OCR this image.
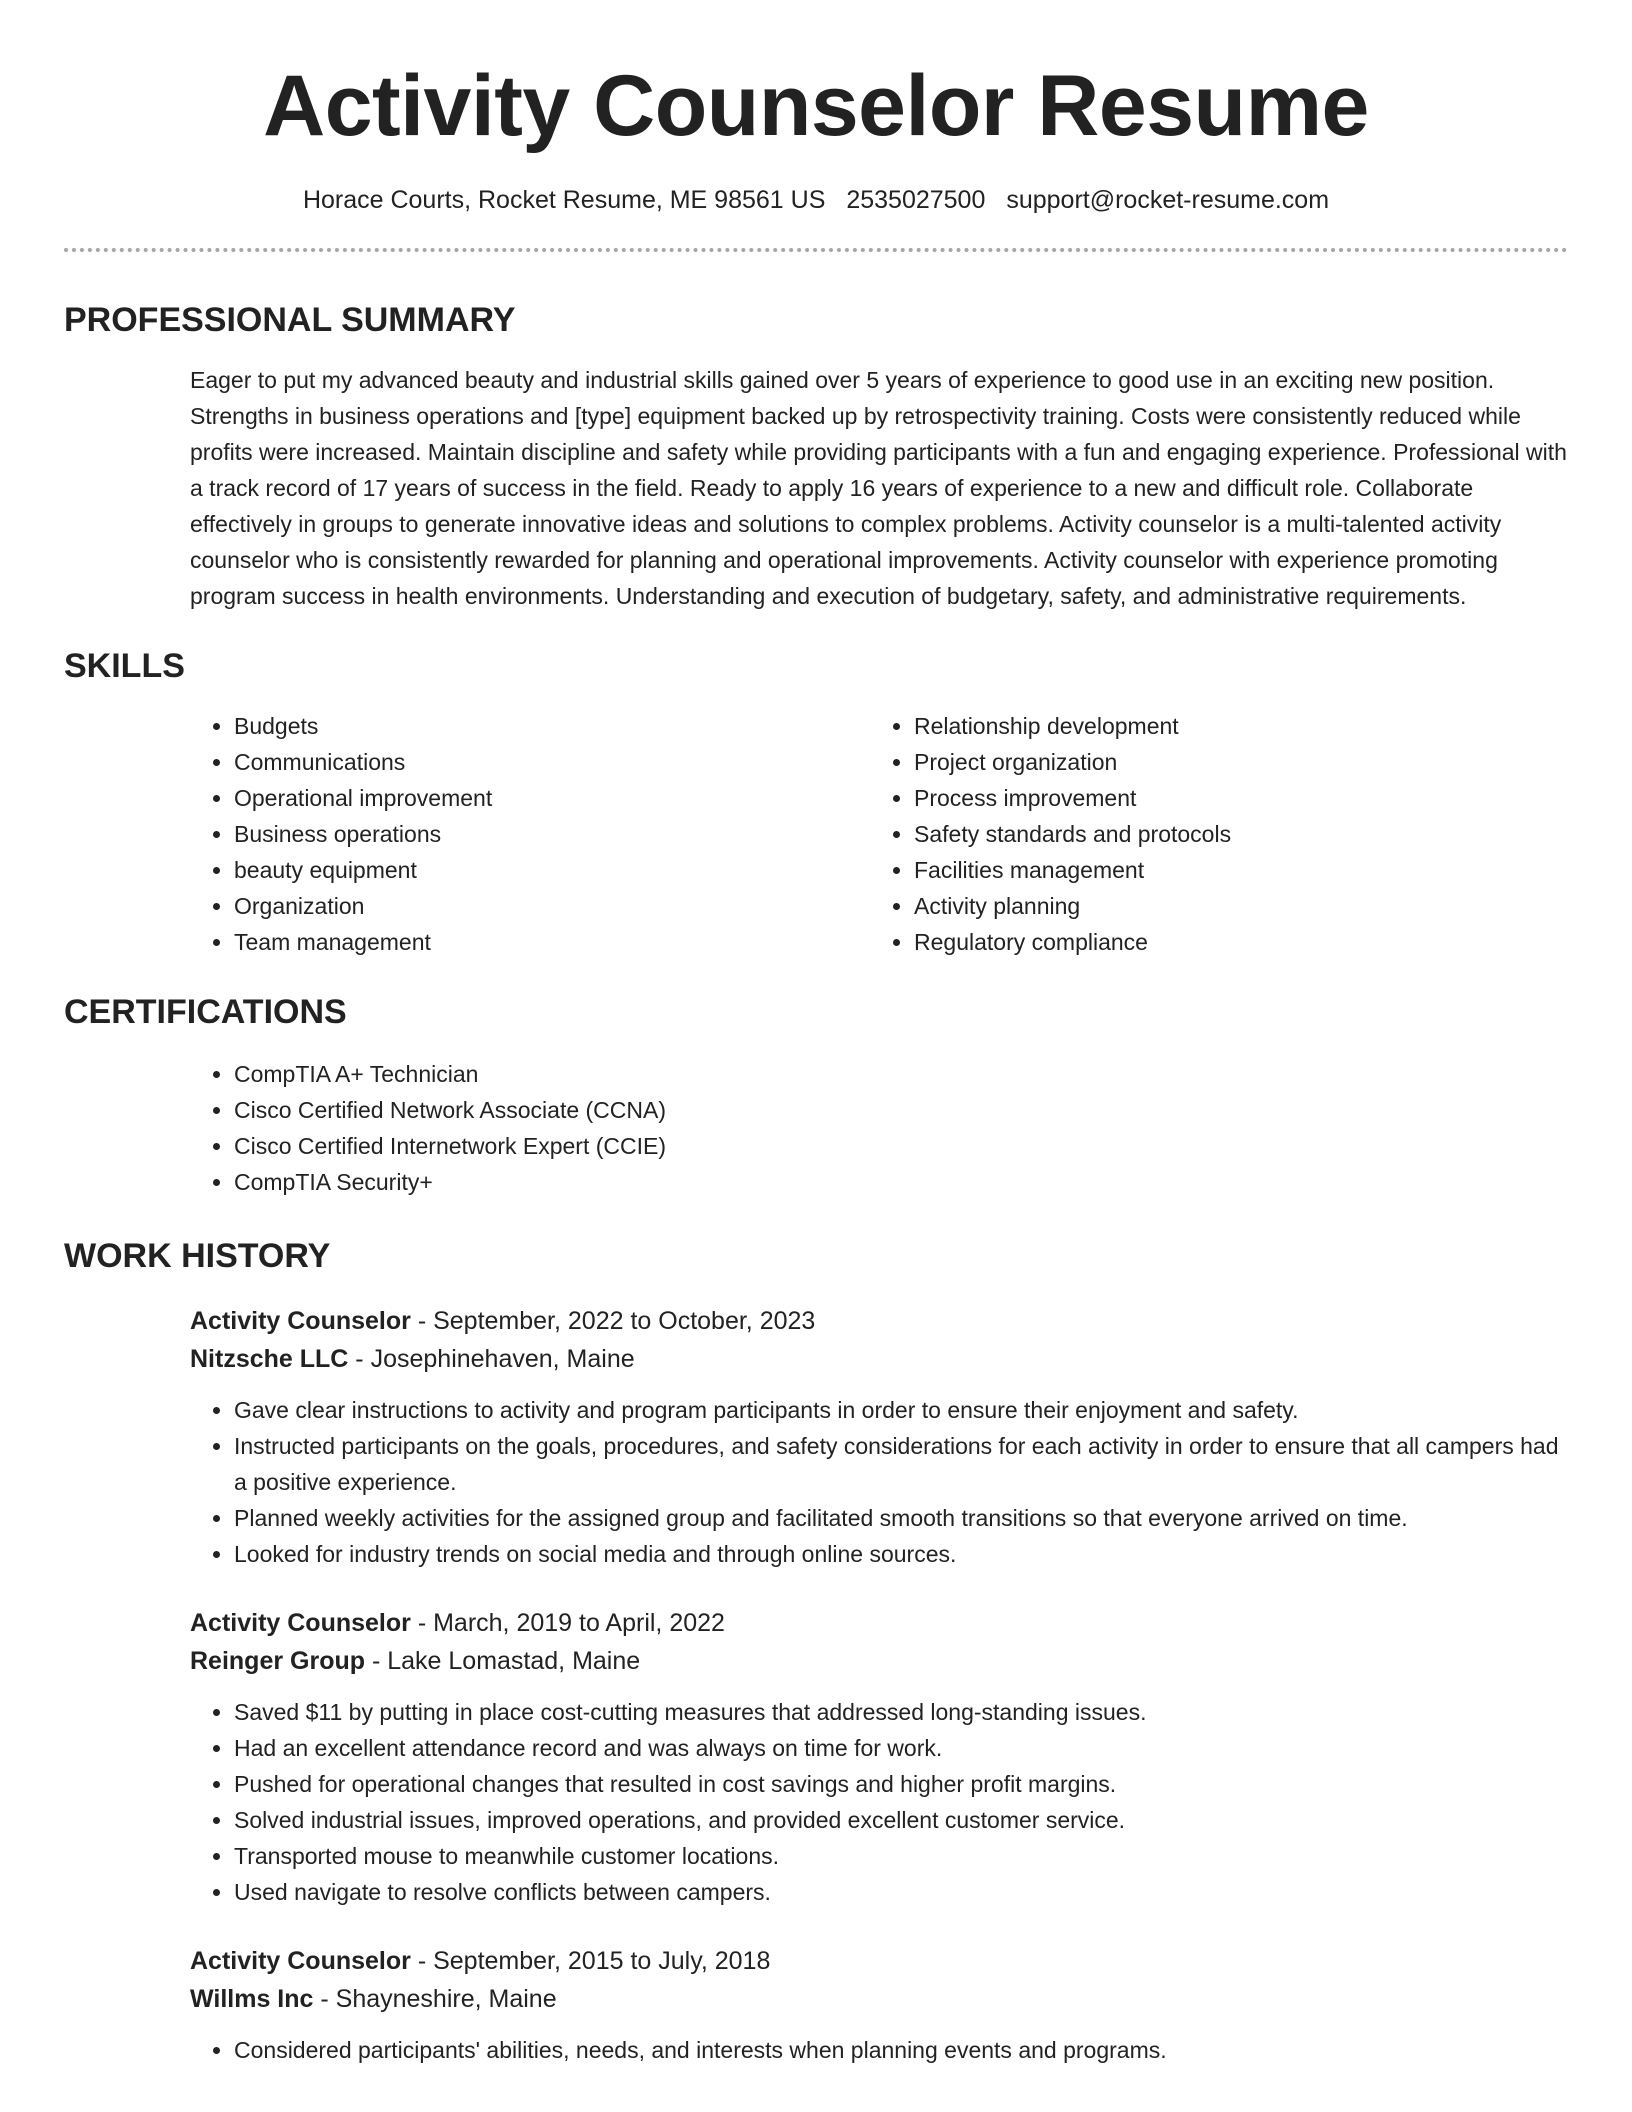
Activity Counselor Resume
Horace Courts, Rocket Resume, ME 98561 US 2535027500 support@rocket-resume.com
PROFESSIONAL SUMMARY

Eager to put my advanced beauty and industrial skills gained over 5 years of experience to good use in an exciting new position. Strengths in business operations and [type] equipment backed up by retrospectivity training. Costs were consistently reduced while profits were increased. Maintain discipline and safety while providing participants with a fun and engaging experience. Professional with a track record of 17 years of success in the field. Ready to apply 16 years of experience to a new and difficult role. Collaborate effectively in groups to generate innovative ideas and solutions to complex problems. Activity counselor is a multi-talented activity counselor who is consistently rewarded for planning and operational improvements. Activity counselor with experience promoting program success in health environments. Understanding and execution of budgetary, safety, and administrative requirements.

SKILLS
• Budgets
• Communications
• Operational improvement
• Business operations
• beauty equipment
• Organization
• Team management
• Relationship development
• Project organization
• Process improvement
• Safety standards and protocols
• Facilities management
• Activity planning
• Regulatory compliance
CERTIFICATIONS
• CompTIA A+ Technician
• Cisco Certified Network Associate (CCNA)
• Cisco Certified Internetwork Expert (CCIE)
• CompTIA Security+
WORK HISTORY
Activity Counselor - September, 2022 to October, 2023
Nitzsche LLC - Josephinehaven, Maine
• Gave clear instructions to activity and program participants in order to ensure their enjoyment and safety.
• Instructed participants on the goals, procedures, and safety considerations for each activity in order to ensure that all campers had a positive experience.
• Planned weekly activities for the assigned group and facilitated smooth transitions so that everyone arrived on time.
• Looked for industry trends on social media and through online sources.
Activity Counselor - March, 2019 to April, 2022
Reinger Group - Lake Lomastad, Maine
• Saved $11 by putting in place cost-cutting measures that addressed long-standing issues.
• Had an excellent attendance record and was always on time for work.
• Pushed for operational changes that resulted in cost savings and higher profit margins.
• Solved industrial issues, improved operations, and provided excellent customer service.
• Transported mouse to meanwhile customer locations.
• Used navigate to resolve conflicts between campers.
Activity Counselor - September, 2015 to July, 2018
Willms Inc - Shayneshire, Maine
• Considered participants' abilities, needs, and interests when planning events and programs.
